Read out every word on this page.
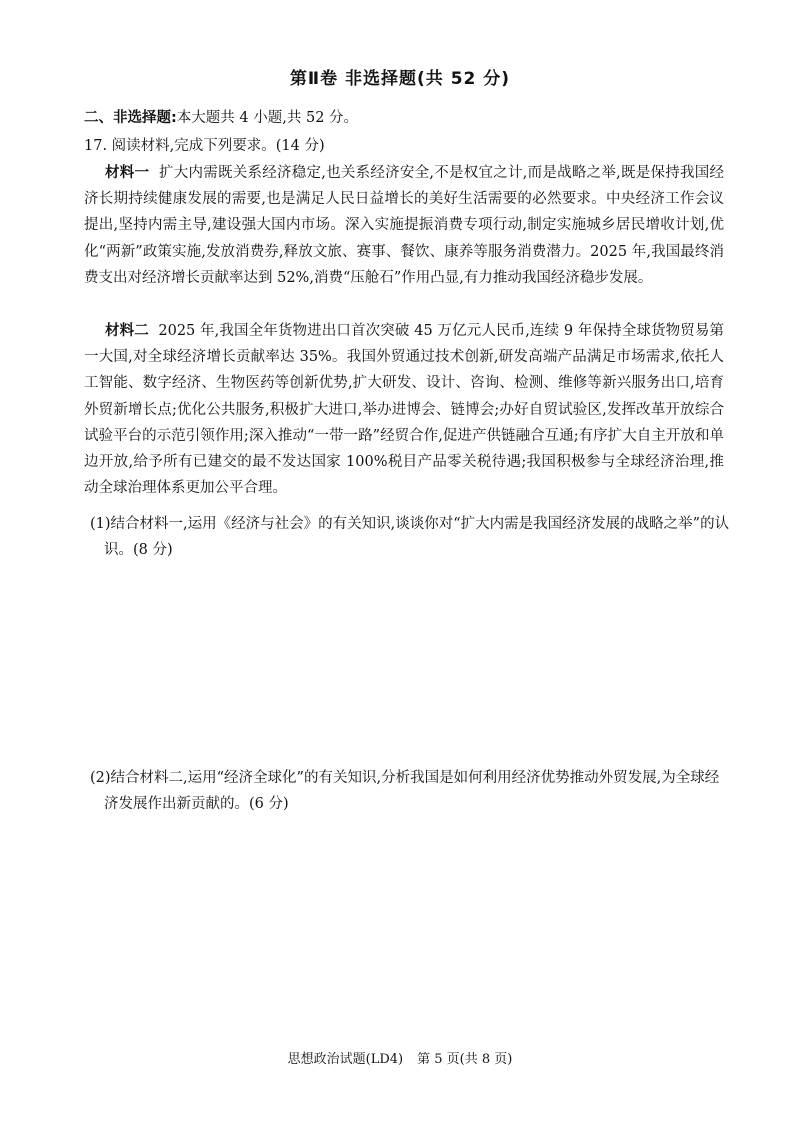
第Ⅱ卷 非选择题(共 52 分)
二、非选择题:本大题共 4 小题,共 52 分。
17. 阅读材料,完成下列要求。(14 分)
材料一 扩大内需既关系经济稳定,也关系经济安全,不是权宜之计,而是战略之举,既是保持我国经济长期持续健康发展的需要,也是满足人民日益增长的美好生活需要的必然要求。中央经济工作会议提出,坚持内需主导,建设强大国内市场。深入实施提振消费专项行动,制定实施城乡居民增收计划,优化“两新”政策实施,发放消费券,释放文旅、赛事、餐饮、康养等服务消费潜力。2025 年,我国最终消费支出对经济增长贡献率达到 52%,消费“压舱石”作用凸显,有力推动我国经济稳步发展。
材料二 2025 年,我国全年货物进出口首次突破 45 万亿元人民币,连续 9 年保持全球货物贸易第一大国,对全球经济增长贡献率达 35%。我国外贸通过技术创新,研发高端产品满足市场需求,依托人工智能、数字经济、生物医药等创新优势,扩大研发、设计、咨询、检测、维修等新兴服务出口,培育外贸新增长点;优化公共服务,积极扩大进口,举办进博会、链博会;办好自贸试验区,发挥改革开放综合试验平台的示范引领作用;深入推动“一带一路”经贸合作,促进产供链融合互通;有序扩大自主开放和单边开放,给予所有已建交的最不发达国家 100%税目产品零关税待遇;我国积极参与全球经济治理,推动全球治理体系更加公平合理。
(1)结合材料一,运用《经济与社会》的有关知识,谈谈你对“扩大内需是我国经济发展的战略之举”的认识。(8 分)
(2)结合材料二,运用“经济全球化”的有关知识,分析我国是如何利用经济优势推动外贸发展,为全球经济发展作出新贡献的。(6 分)
思想政治试题(LD4) 第 5 页(共 8 页)
